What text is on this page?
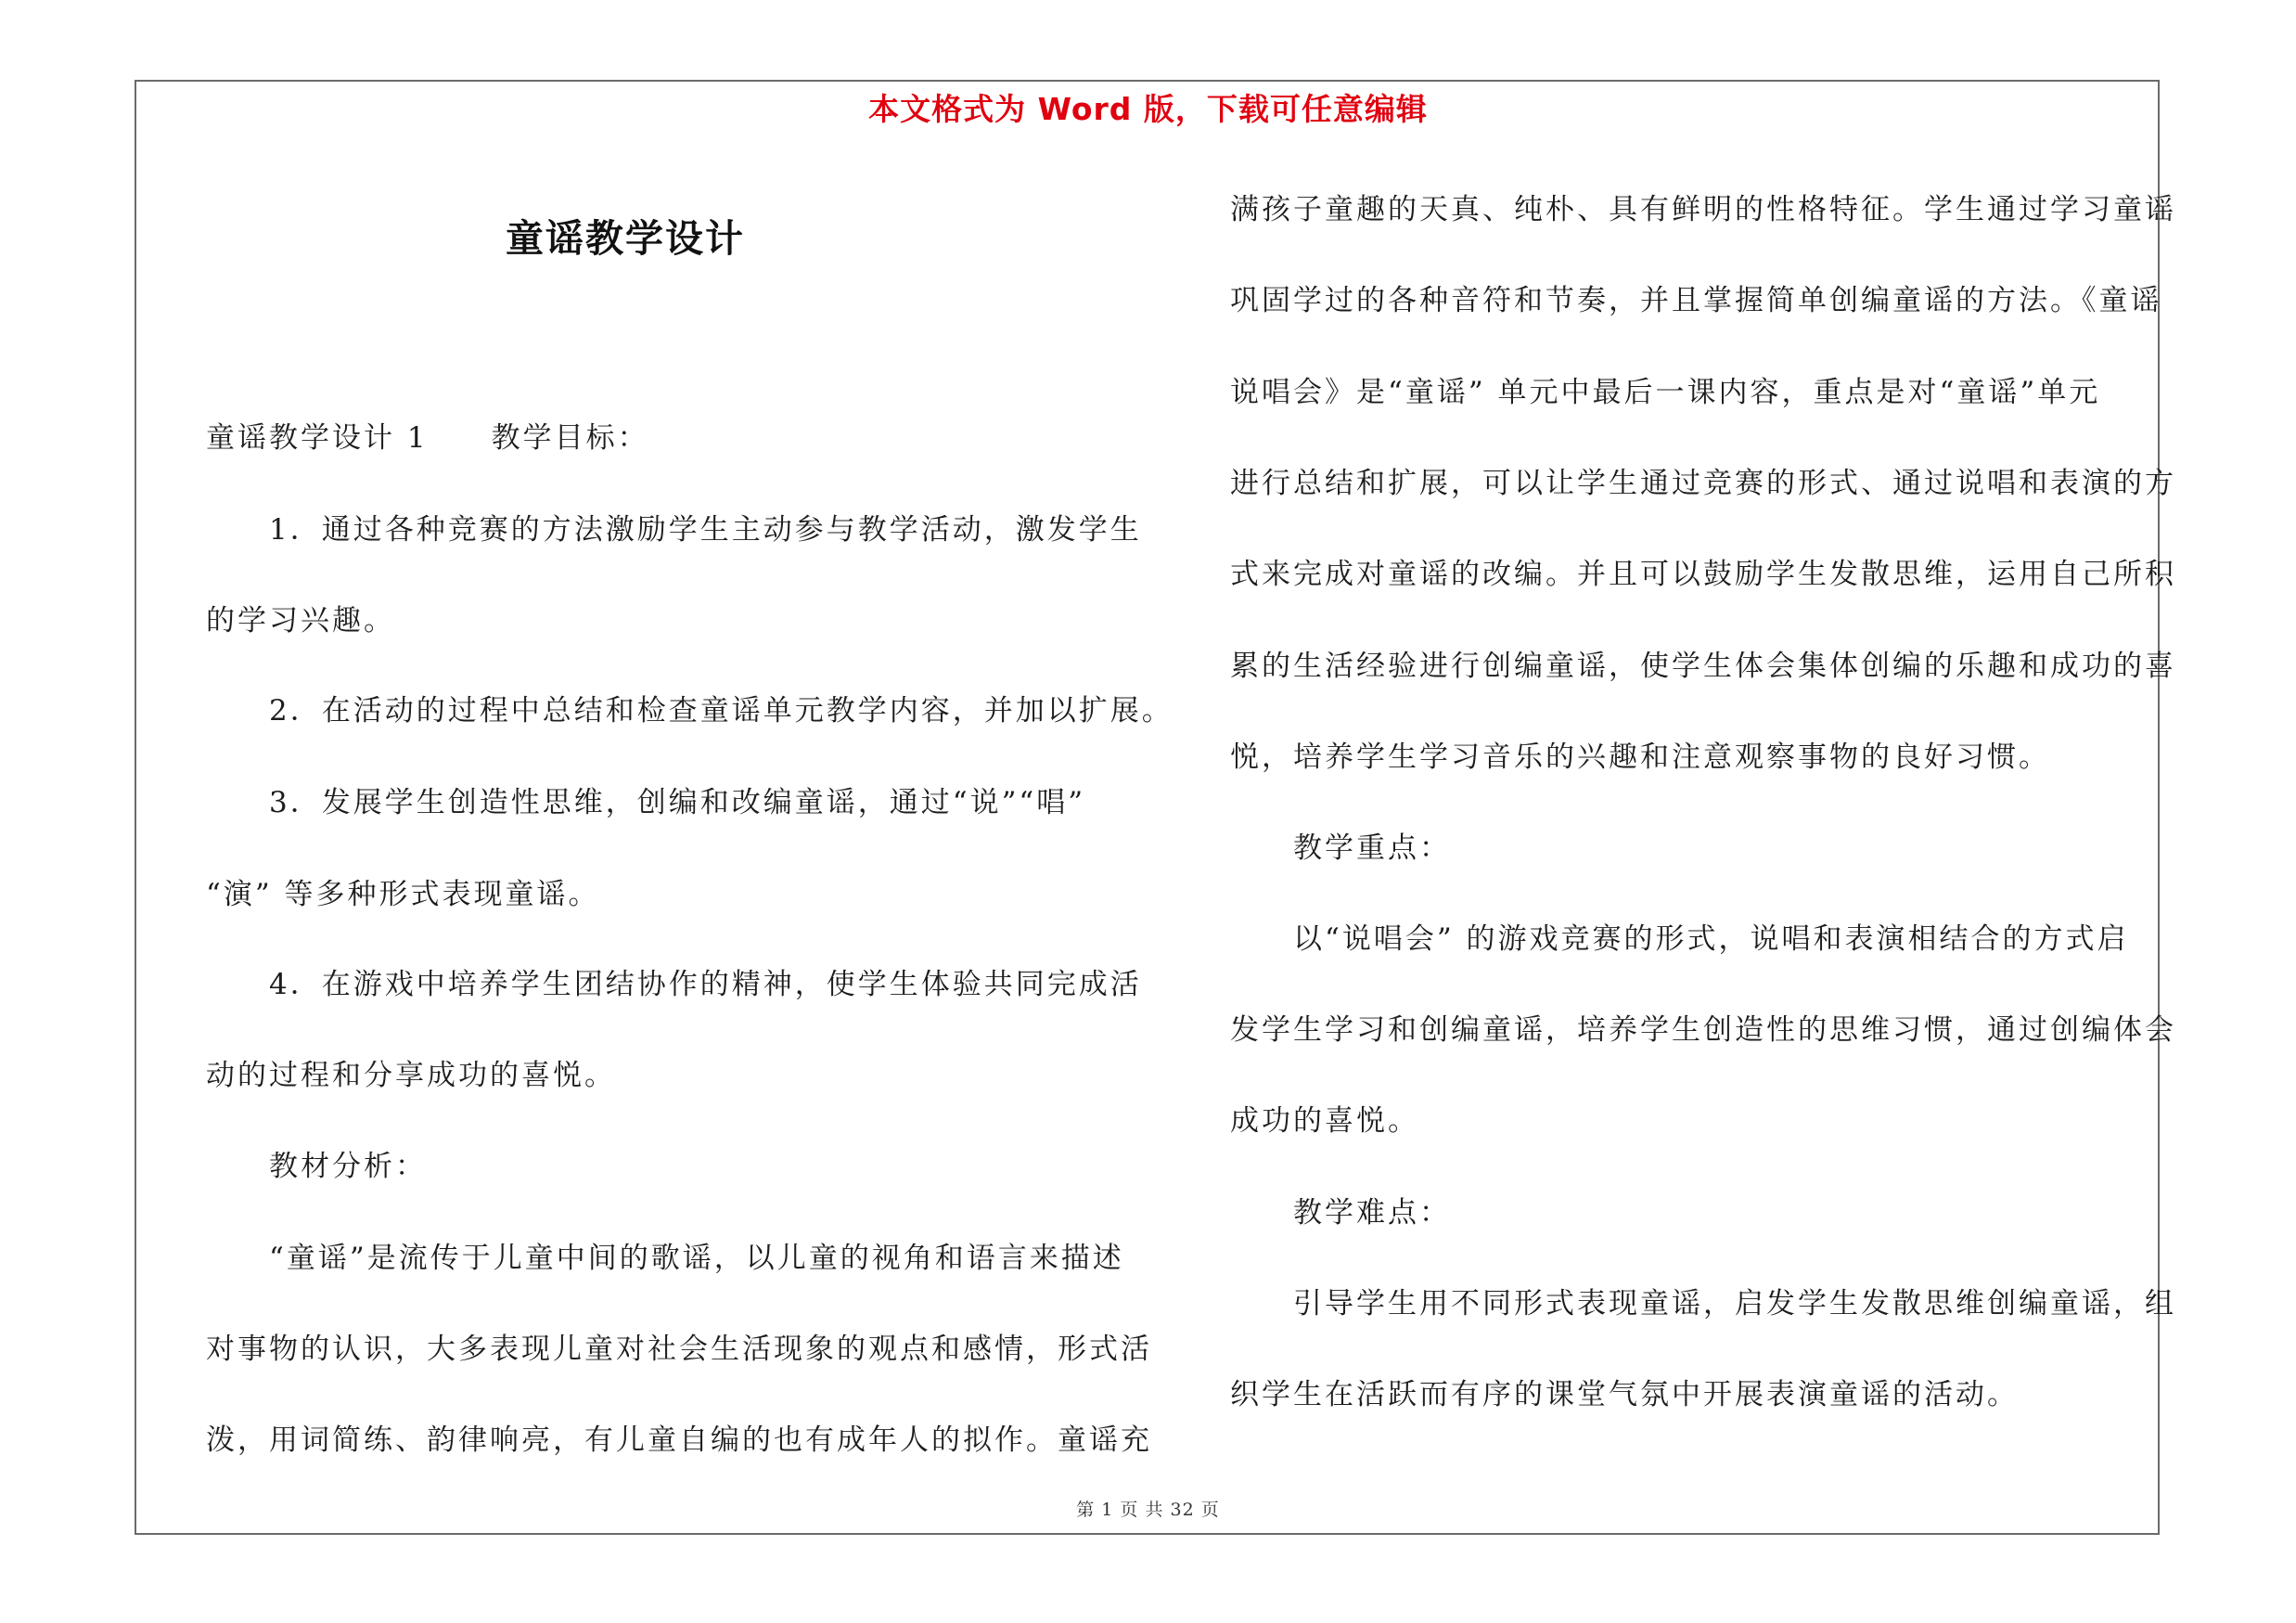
本文格式为 Word 版，下载可任意编辑
童谣教学设计
童谣教学设计 1　　教学目标：
1．通过各种竞赛的方法激励学生主动参与教学活动，激发学生
的学习兴趣。
2．在活动的过程中总结和检查童谣单元教学内容，并加以扩展。
3．发展学生创造性思维，创编和改编童谣，通过“说”“唱”
“演” 等多种形式表现童谣。
4．在游戏中培养学生团结协作的精神，使学生体验共同完成活
动的过程和分享成功的喜悦。
教材分析：
“童谣”是流传于儿童中间的歌谣，以儿童的视角和语言来描述
对事物的认识，大多表现儿童对社会生活现象的观点和感情，形式活
泼，用词简练、韵律响亮，有儿童自编的也有成年人的拟作。童谣充
满孩子童趣的天真、纯朴、具有鲜明的性格特征。学生通过学习童谣
巩固学过的各种音符和节奏，并且掌握简单创编童谣的方法。《童谣
说唱会》是“童谣” 单元中最后一课内容，重点是对“童谣”单元
进行总结和扩展，可以让学生通过竞赛的形式、通过说唱和表演的方
式来完成对童谣的改编。并且可以鼓励学生发散思维，运用自己所积
累的生活经验进行创编童谣，使学生体会集体创编的乐趣和成功的喜
悦，培养学生学习音乐的兴趣和注意观察事物的良好习惯。
教学重点：
以“说唱会” 的游戏竞赛的形式，说唱和表演相结合的方式启
发学生学习和创编童谣，培养学生创造性的思维习惯，通过创编体会
成功的喜悦。
教学难点：
引导学生用不同形式表现童谣，启发学生发散思维创编童谣，组
织学生在活跃而有序的课堂气氛中开展表演童谣的活动。
第 1 页 共 32 页
